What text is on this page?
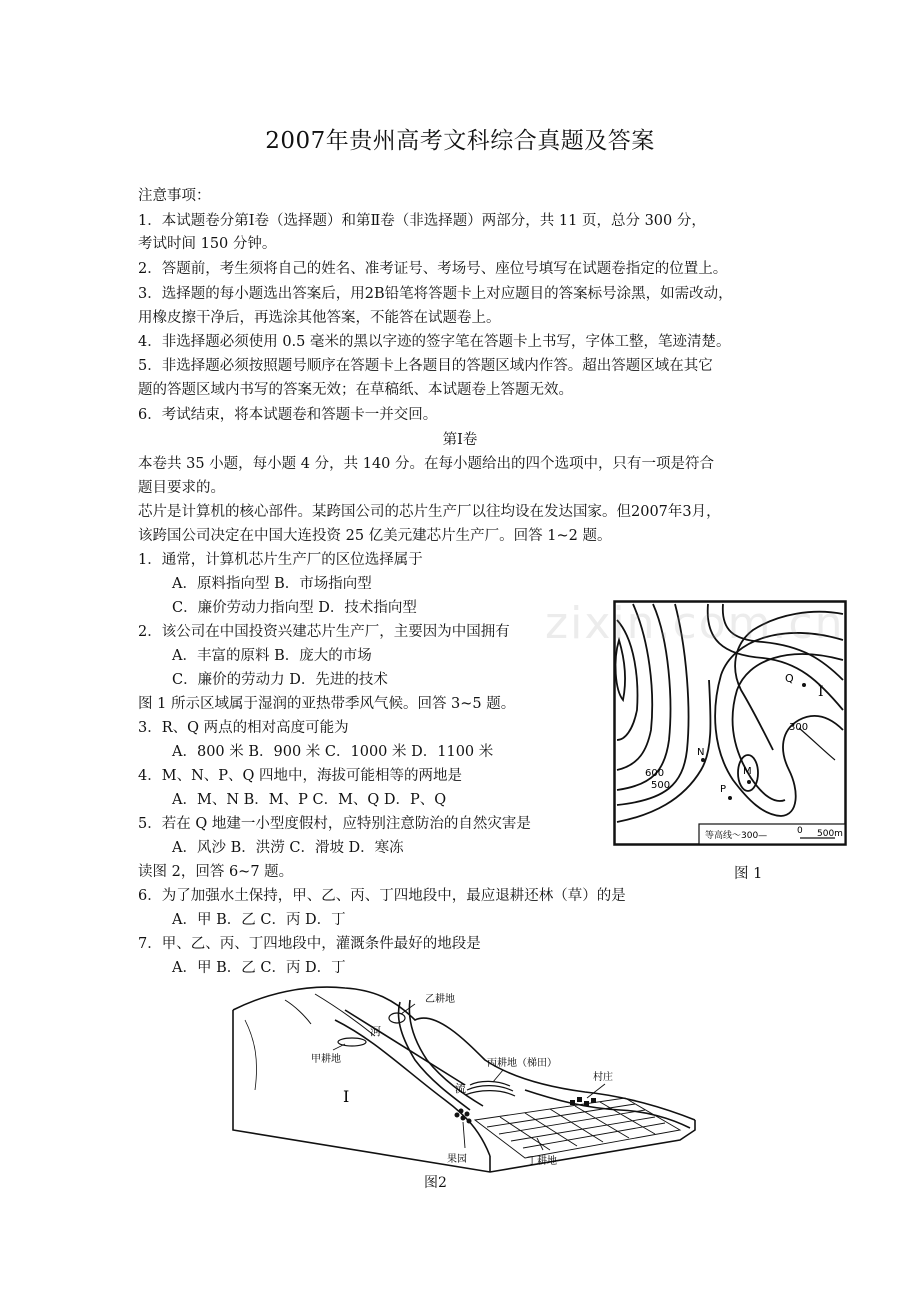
2007年贵州高考文科综合真题及答案
注意事项：
1．本试题卷分第Ⅰ卷（选择题）和第Ⅱ卷（非选择题）两部分，共 11 页，总分 300 分，
考试时间 150 分钟。
2．答题前，考生须将自己的姓名、准考证号、考场号、座位号填写在试题卷指定的位置上。
3．选择题的每小题选出答案后，用2B铅笔将答题卡上对应题目的答案标号涂黑，如需改动，
用橡皮擦干净后，再选涂其他答案，不能答在试题卷上。
4．非选择题必须使用 0.5 毫米的黑以字迹的签字笔在答题卡上书写，字体工整，笔迹清楚。
5．非选择题必须按照题号顺序在答题卡上各题目的答题区域内作答。超出答题区域在其它
题的答题区域内书写的答案无效；在草稿纸、本试题卷上答题无效。
6．考试结束，将本试题卷和答题卡一并交回。
第Ⅰ卷
本卷共 35 小题，每小题 4 分，共 140 分。在每小题给出的四个选项中，只有一项是符合
题目要求的。
芯片是计算机的核心部件。某跨国公司的芯片生产厂以往均设在发达国家。但2007年3月，
该跨国公司决定在中国大连投资 25 亿美元建芯片生产厂。回答 1~2 题。
1．通常，计算机芯片生产厂的区位选择属于
A．原料指向型 B．市场指向型
C．廉价劳动力指向型 D．技术指向型
2．该公司在中国投资兴建芯片生产厂，主要因为中国拥有
A．丰富的原料 B．庞大的市场
C．廉价的劳动力 D．先进的技术
图 1 所示区域属于湿润的亚热带季风气候。回答 3~5 题。
3．R、Q 两点的相对高度可能为
A．800 米 B．900 米 C．1000 米 D．1100 米
4．M、N、P、Q 四地中，海拔可能相等的两地是
A．M、N B．M、P C．M、Q D．P、Q
5．若在 Q 地建一小型度假村，应特别注意防治的自然灾害是
A．风沙 B．洪涝 C．滑坡 D．寒冻
读图 2，回答 6~7 题。
6．为了加强水土保持，甲、乙、丙、丁四地段中，最应退耕还林（草）的是
A．甲 B．乙 C．丙 D．丁
7．甲、乙、丙、丁四地段中，灌溉条件最好的地段是
A．甲 B．乙 C．丙 D．丁
Q
I
N
M
P
300
600
500
等高线～300—	0 500m
图 1
乙耕地
甲耕地	丙耕地（梯田）
村庄
果园	丁耕地
河
流
I
图2
zixin.com.cn
